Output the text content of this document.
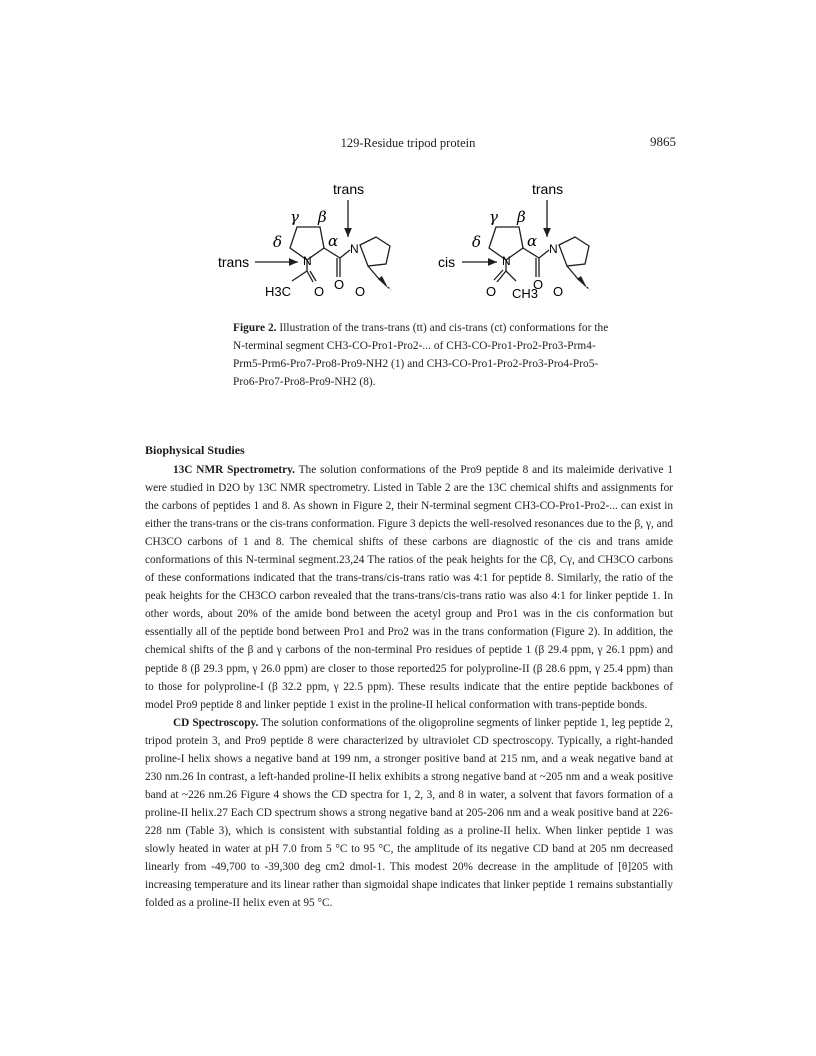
129-Residue tripod protein	9865
trans
trans
γ β
δ	α
N
N
H3C O O O
trans
cis
γ β
δ	α
N
N
O CH3
O O
Figure 2. Illustration of the trans-trans (tt) and cis-trans (ct) conformations for the N-terminal segment CH3-CO-Pro1-Pro2-... of CH3-CO-Pro1-Pro2-Pro3-Prm4-Prm5-Prm6-Pro7-Pro8-Pro9-NH2 (1) and CH3-CO-Pro1-Pro2-Pro3-Pro4-Pro5-Pro6-Pro7-Pro8-Pro9-NH2 (8).
Biophysical Studies

13C NMR Spectrometry. The solution conformations of the Pro9 peptide 8 and its maleimide derivative 1 were studied in D2O by 13C NMR spectrometry. Listed in Table 2 are the 13C chemical shifts and assignments for the carbons of peptides 1 and 8. As shown in Figure 2, their N-terminal segment CH3-CO-Pro1-Pro2-... can exist in either the trans-trans or the cis-trans conformation. Figure 3 depicts the well-resolved resonances due to the β, γ, and CH3CO carbons of 1 and 8. The chemical shifts of these carbons are diagnostic of the cis and trans amide conformations of this N-terminal segment.23,24 The ratios of the peak heights for the Cβ, Cγ, and CH3CO carbons of these conformations indicated that the trans-trans/cis-trans ratio was 4:1 for peptide 8. Similarly, the ratio of the peak heights for the CH3CO carbon revealed that the trans-trans/cis-trans ratio was also 4:1 for linker peptide 1. In other words, about 20% of the amide bond between the acetyl group and Pro1 was in the cis conformation but essentially all of the peptide bond between Pro1 and Pro2 was in the trans conformation (Figure 2). In addition, the chemical shifts of the β and γ carbons of the non-terminal Pro residues of peptide 1 (β 29.4 ppm, γ 26.1 ppm) and peptide 8 (β 29.3 ppm, γ 26.0 ppm) are closer to those reported25 for polyproline-II (β 28.6 ppm, γ 25.4 ppm) than to those for polyproline-I (β 32.2 ppm, γ 22.5 ppm). These results indicate that the entire peptide backbones of model Pro9 peptide 8 and linker peptide 1 exist in the proline-II helical conformation with trans-peptide bonds.

CD Spectroscopy. The solution conformations of the oligoproline segments of linker peptide 1, leg peptide 2, tripod protein 3, and Pro9 peptide 8 were characterized by ultraviolet CD spectroscopy. Typically, a right-handed proline-I helix shows a negative band at 199 nm, a stronger positive band at 215 nm, and a weak negative band at 230 nm.26 In contrast, a left-handed proline-II helix exhibits a strong negative band at ~205 nm and a weak positive band at ~226 nm.26 Figure 4 shows the CD spectra for 1, 2, 3, and 8 in water, a solvent that favors formation of a proline-II helix.27 Each CD spectrum shows a strong negative band at 205-206 nm and a weak positive band at 226-228 nm (Table 3), which is consistent with substantial folding as a proline-II helix. When linker peptide 1 was slowly heated in water at pH 7.0 from 5 °C to 95 °C, the amplitude of its negative CD band at 205 nm decreased linearly from -49,700 to -39,300 deg cm2 dmol-1. This modest 20% decrease in the amplitude of [θ]205 with increasing temperature and its linear rather than sigmoidal shape indicates that linker peptide 1 remains substantially folded as a proline-II helix even at 95 °C.
